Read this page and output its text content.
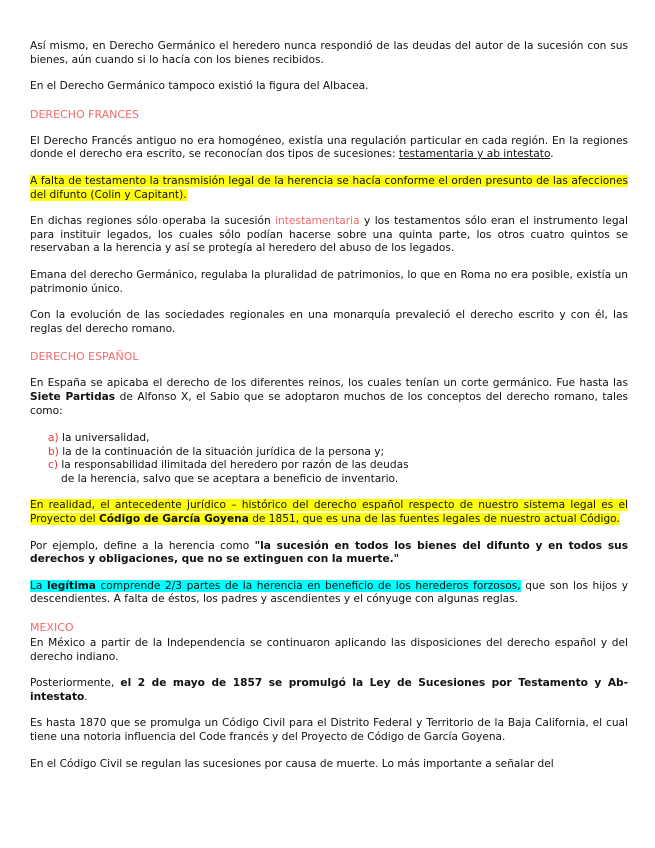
Así mismo, en Derecho Germánico el heredero nunca respondió de las deudas del autor de la sucesión con sus bienes, aún cuando si lo hacía con los bienes recibidos.

En el Derecho Germánico tampoco existió la figura del Albacea.

DERECHO FRANCES

El Derecho Francés antiguo no era homogéneo, existía una regulación particular en cada región. En la regiones donde el derecho era escrito, se reconocían dos tipos de sucesiones: testamentaria y ab intestato.

A falta de testamento la transmisión legal de la herencia se hacía conforme el orden presunto de las afecciones del difunto (Colin y Capitant).

En dichas regiones sólo operaba la sucesión intestamentaria y los testamentos sólo eran el instrumento legal para instituir legados, los cuales sólo podían hacerse sobre una quinta parte, los otros cuatro quintos se reservaban a la herencia y así se protegía al heredero del abuso de los legados.

Emana del derecho Germánico, regulaba la pluralidad de patrimonios, lo que en Roma no era posible, existía un patrimonio único.

Con la evolución de las sociedades regionales en una monarquía prevaleció el derecho escrito y con él, las reglas del derecho romano.

DERECHO ESPAÑOL

En España se apicaba el derecho de los diferentes reinos, los cuales tenían un corte germánico. Fue hasta las Siete Partidas de Alfonso X, el Sabio que se adoptaron muchos de los conceptos del derecho romano, tales como:

a) la universalidad,

b) la de la continuación de la situación jurídica de la persona y;

c) la responsabilidad ilimitada del heredero por razón de las deudas

de la herencia, salvo que se aceptara a beneficio de inventario.

En realidad, el antecedente jurídico – histórico del derecho español respecto de nuestro sistema legal es el Proyecto del Código de García Goyena de 1851, que es una de las fuentes legales de nuestro actual Código.

Por ejemplo, define a la herencia como "la sucesión en todos los bienes del difunto y en todos sus derechos y obligaciones, que no se extinguen con la muerte."

La legítima comprende 2/3 partes de la herencia en beneficio de los herederos forzosos, que son los hijos y descendientes. A falta de éstos, los padres y ascendientes y el cónyuge con algunas reglas.

MEXICO

En México a partir de la Independencia se continuaron aplicando las disposiciones del derecho español y del derecho indiano.

Posteriormente, el 2 de mayo de 1857 se promulgó la Ley de Sucesiones por Testamento y Ab-intestato.

Es hasta 1870 que se promulga un Código Civil para el Distrito Federal y Territorio de la Baja California, el cual tiene una notoria influencia del Code francés y del Proyecto de Código de García Goyena.

En el Código Civil se regulan las sucesiones por causa de muerte. Lo más importante a señalar del
